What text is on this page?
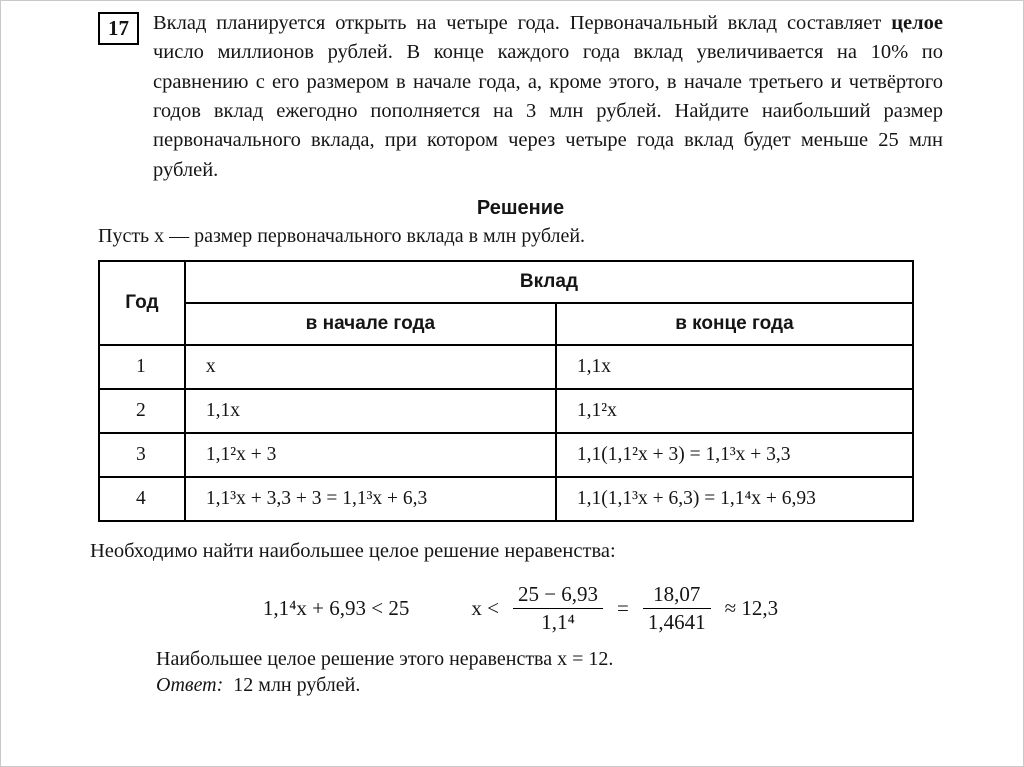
17	Вклад планируется открыть на четыре года. Первоначальный вклад составляет целое число миллионов рублей. В конце каждого года вклад увеличивается на 10% по сравнению с его размером в начале года, а, кроме этого, в начале третьего и четвёртого годов вклад ежегодно пополняется на 3 млн рублей. Найдите наибольший размер первоначального вклада, при котором через четыре года вклад будет меньше 25 млн рублей.

Решение

Пусть x — размер первоначального вклада в млн рублей.

Год	Вклад	
	в начале года	в конце года
1	x	1,1x
2	1,1x	1,1²x
3	1,1²x + 3	1,1(1,1²x + 3) = 1,1³x + 3,3
4	1,1³x + 3,3 + 3 = 1,1³x + 6,3	1,1(1,1³x + 6,3) = 1,1⁴x + 6,93

Необходимо найти наибольшее целое решение неравенства:

1,1⁴x + 6,93 < 25	$x < \frac{25 - 6,93}{\text{1,1⁴}} = \frac{18,07}{1,4641} \approx 12,3$

Наибольшее целое решение этого неравенства x = 12.

Ответ: 12 млн рублей.
